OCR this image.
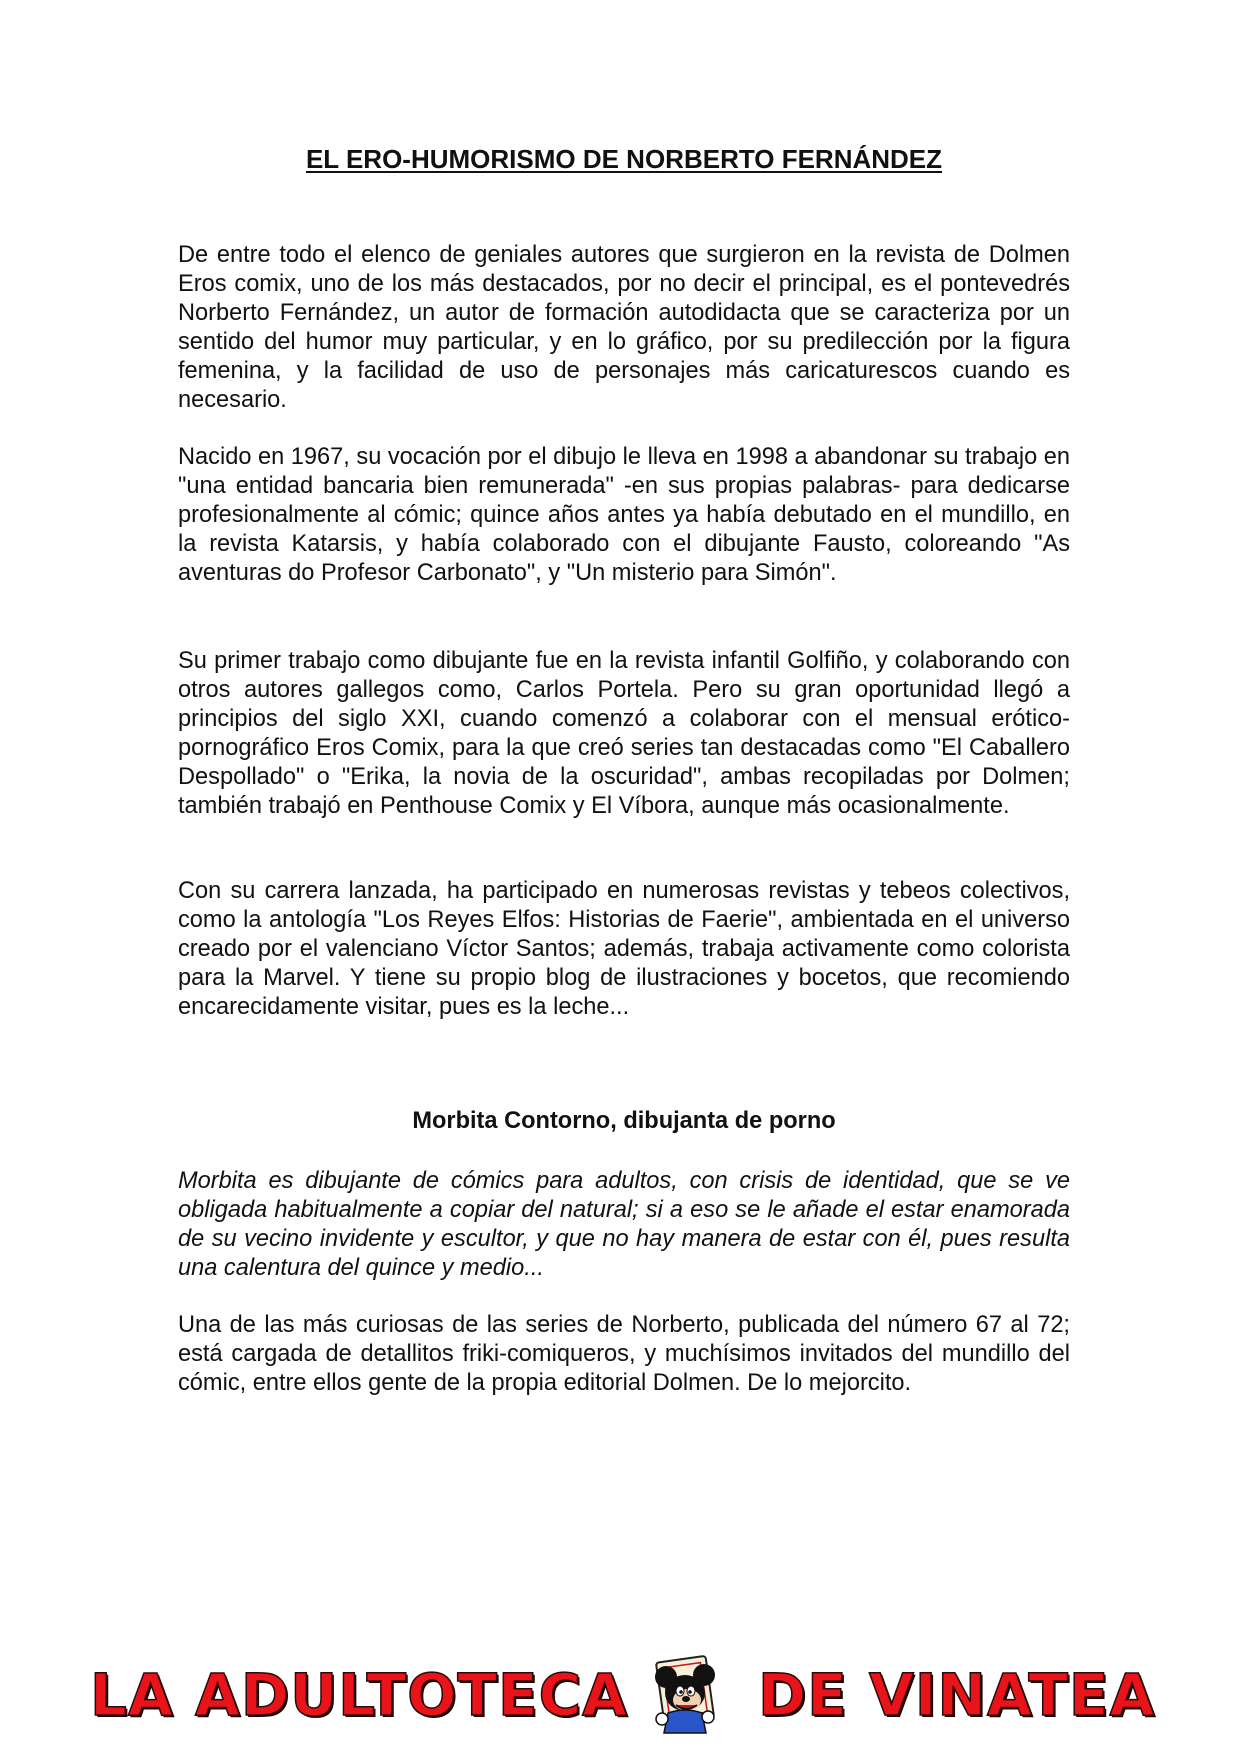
EL ERO-HUMORISMO DE NORBERTO FERNÁNDEZ

De entre todo el elenco de geniales autores que surgieron en la revista de Dolmen Eros comix, uno de los más destacados, por no decir el principal, es el pontevedrés Norberto Fernández, un autor de formación autodidacta que se caracteriza por un sentido del humor muy particular, y en lo gráfico, por su predilección por la figura femenina, y la facilidad de uso de personajes más caricaturescos cuando es necesario.

Nacido en 1967, su vocación por el dibujo le lleva en 1998 a abandonar su trabajo en "una entidad bancaria bien remunerada" -en sus propias palabras- para dedicarse profesionalmente al cómic; quince años antes ya había debutado en el mundillo, en la revista Katarsis, y había colaborado con el dibujante Fausto, coloreando "As aventuras do Profesor Carbonato", y "Un misterio para Simón".

Su primer trabajo como dibujante fue en la revista infantil Golfiño, y colaborando con otros autores gallegos como, Carlos Portela. Pero su gran oportunidad llegó a principios del siglo XXI, cuando comenzó a colaborar con el mensual erótico-pornográfico Eros Comix, para la que creó series tan destacadas como "El Caballero Despollado" o "Erika, la novia de la oscuridad", ambas recopiladas por Dolmen; también trabajó en Penthouse Comix y El Víbora, aunque más ocasionalmente.

Con su carrera lanzada, ha participado en numerosas revistas y tebeos colectivos, como la antología "Los Reyes Elfos: Historias de Faerie", ambientada en el universo creado por el valenciano Víctor Santos; además, trabaja activamente como colorista para la Marvel. Y tiene su propio blog de ilustraciones y bocetos, que recomiendo encarecidamente visitar, pues es la leche...

Morbita Contorno, dibujanta de porno

Morbita es dibujante de cómics para adultos, con crisis de identidad, que se ve obligada habitualmente a copiar del natural; si a eso se le añade el estar enamorada de su vecino invidente y escultor, y que no hay manera de estar con él, pues resulta una calentura del quince y medio...

Una de las más curiosas de las series de Norberto, publicada del número 67 al 72; está cargada de detallitos friki-comiqueros, y muchísimos invitados del mundillo del cómic, entre ellos gente de la propia editorial Dolmen. De lo mejorcito.

LA ADULTOTECA DE VINATEA
